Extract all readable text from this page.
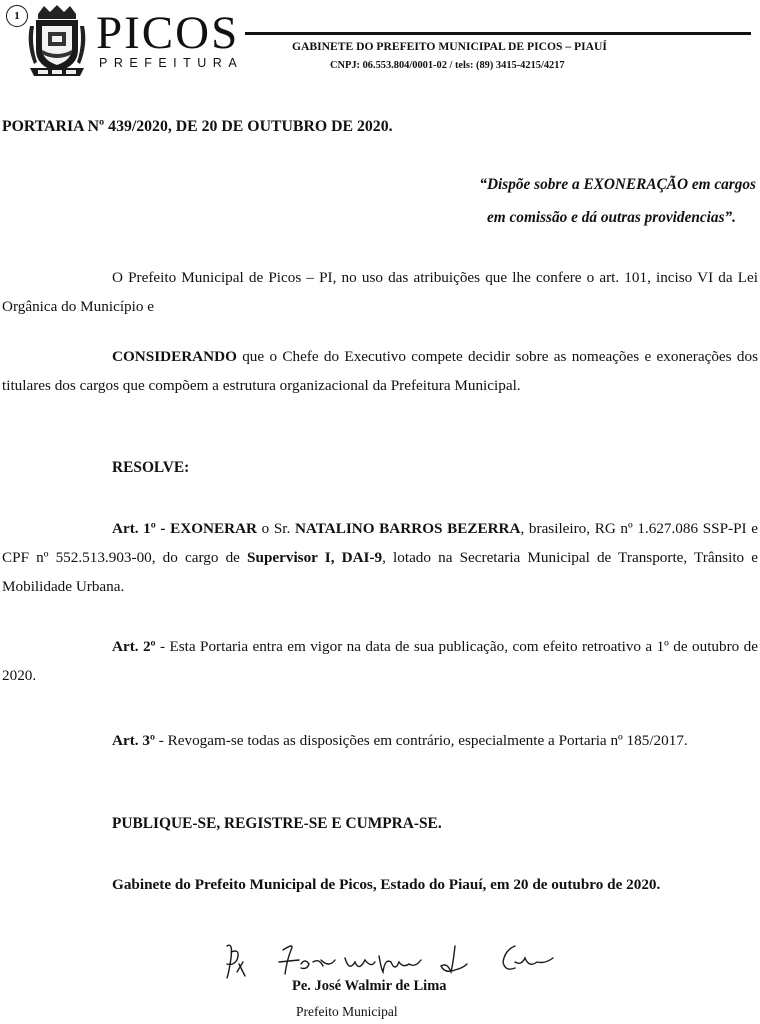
1 PICOS
PREFEITURA
GABINETE DO PREFEITO MUNICIPAL DE PICOS – PIAUÍ
CNPJ: 06.553.804/0001-02 / tels: (89) 3415-4215/4217
PORTARIA Nº 439/2020, DE 20 DE OUTUBRO DE 2020.
“Dispõe sobre a EXONERAÇÃO em cargos
em comissão e dá outras providencias”.
O Prefeito Municipal de Picos – PI, no uso das atribuições que lhe confere o art. 101, inciso VI da Lei Orgânica do Município e
CONSIDERANDO que o Chefe do Executivo compete decidir sobre as nomeações e exonerações dos titulares dos cargos que compõem a estrutura organizacional da Prefeitura Municipal.
RESOLVE:
Art. 1º - EXONERAR o Sr. NATALINO BARROS BEZERRA, brasileiro, RG nº 1.627.086 SSP-PI e CPF nº 552.513.903-00, do cargo de Supervisor I, DAI-9, lotado na Secretaria Municipal de Transporte, Trânsito e Mobilidade Urbana.
Art. 2º - Esta Portaria entra em vigor na data de sua publicação, com efeito retroativo a 1º de outubro de 2020.
Art. 3º - Revogam-se todas as disposições em contrário, especialmente a Portaria nº 185/2017.
PUBLIQUE-SE, REGISTRE-SE E CUMPRA-SE.
Gabinete do Prefeito Municipal de Picos, Estado do Piauí, em 20 de outubro de 2020.
Pe. José Walmir de Lima
Prefeito Municipal
